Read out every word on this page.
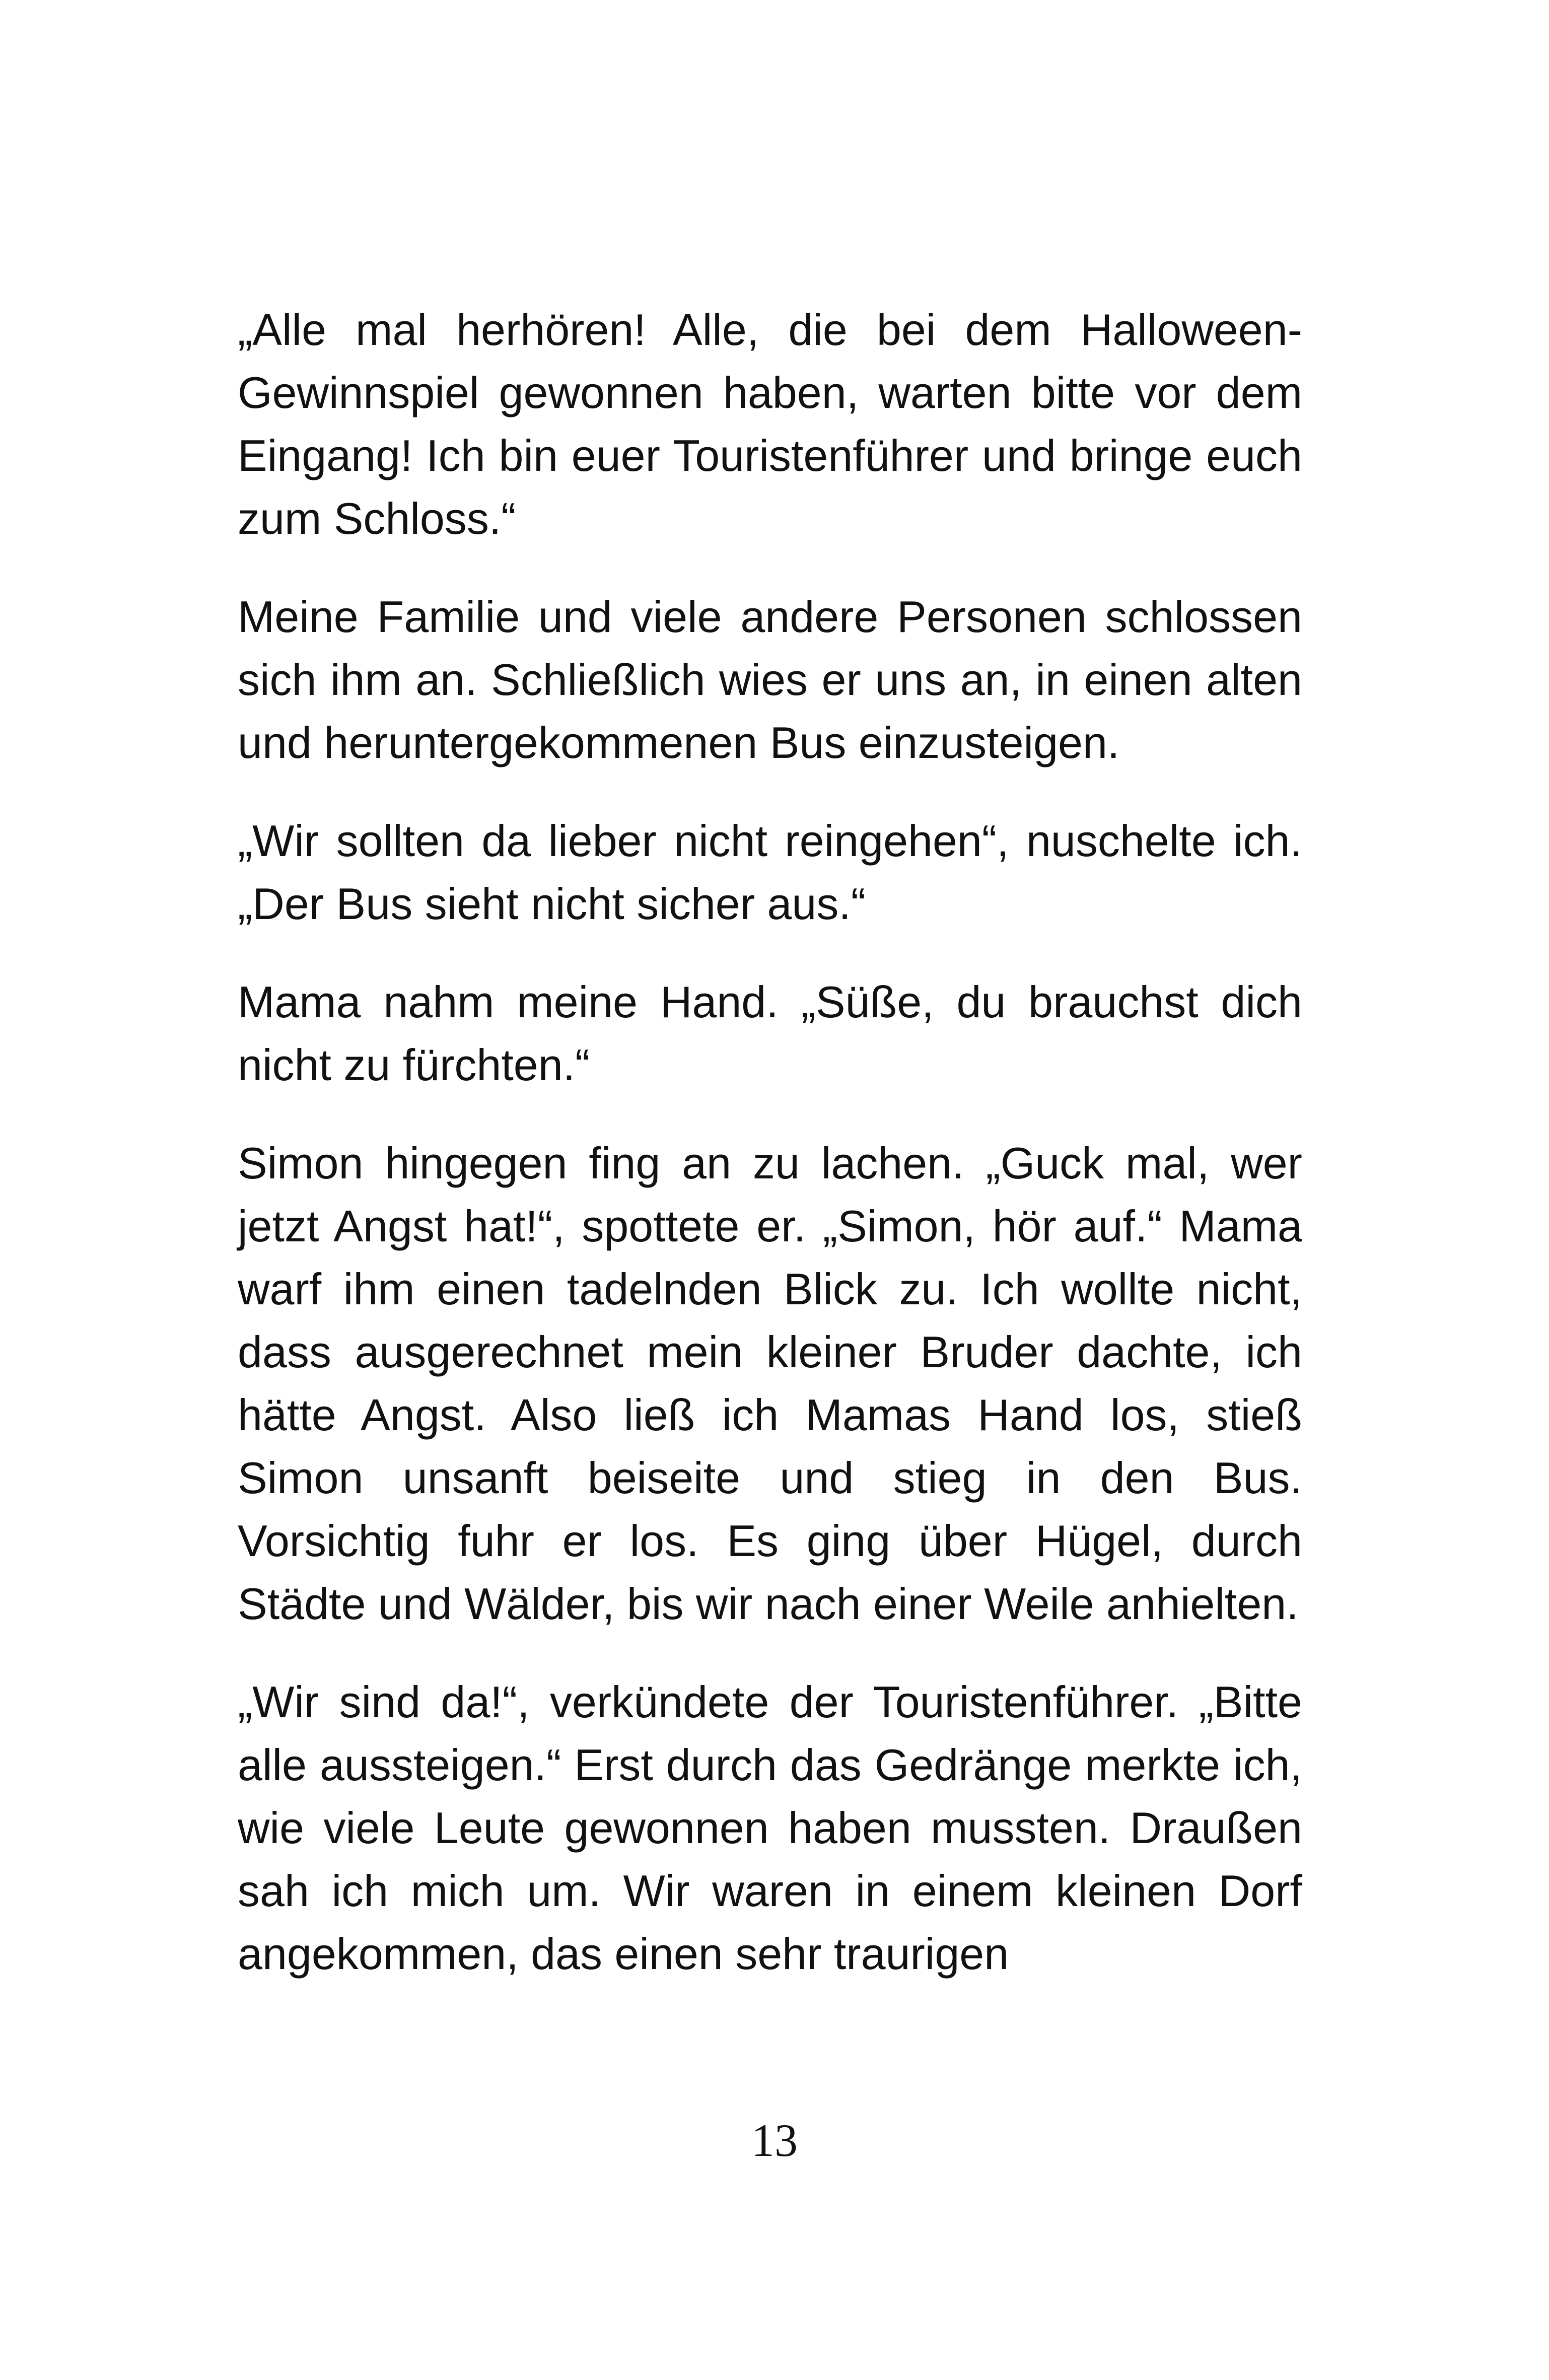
„Alle mal herhören! Alle, die bei dem Halloween-Gewinnspiel gewonnen haben, warten bitte vor dem Eingang! Ich bin euer Touristenführer und bringe euch zum Schloss.“

Meine Familie und viele andere Personen schlossen sich ihm an. Schließlich wies er uns an, in einen alten und heruntergekommenen Bus einzusteigen.

„Wir sollten da lieber nicht reingehen“, nuschelte ich. „Der Bus sieht nicht sicher aus.“

Mama nahm meine Hand. „Süße, du brauchst dich nicht zu fürchten.“

Simon hingegen fing an zu lachen. „Guck mal, wer jetzt Angst hat!“, spottete er. „Simon, hör auf.“ Mama warf ihm einen tadelnden Blick zu. Ich wollte nicht, dass ausgerechnet mein kleiner Bruder dachte, ich hätte Angst. Also ließ ich Mamas Hand los, stieß Simon unsanft beiseite und stieg in den Bus. Vorsichtig fuhr er los. Es ging über Hügel, durch Städte und Wälder, bis wir nach einer Weile anhielten.

„Wir sind da!“, verkündete der Touristenführer. „Bitte alle aussteigen.“ Erst durch das Gedränge merkte ich, wie viele Leute gewonnen haben mussten. Draußen sah ich mich um. Wir waren in einem kleinen Dorf angekommen, das einen sehr traurigen

13
